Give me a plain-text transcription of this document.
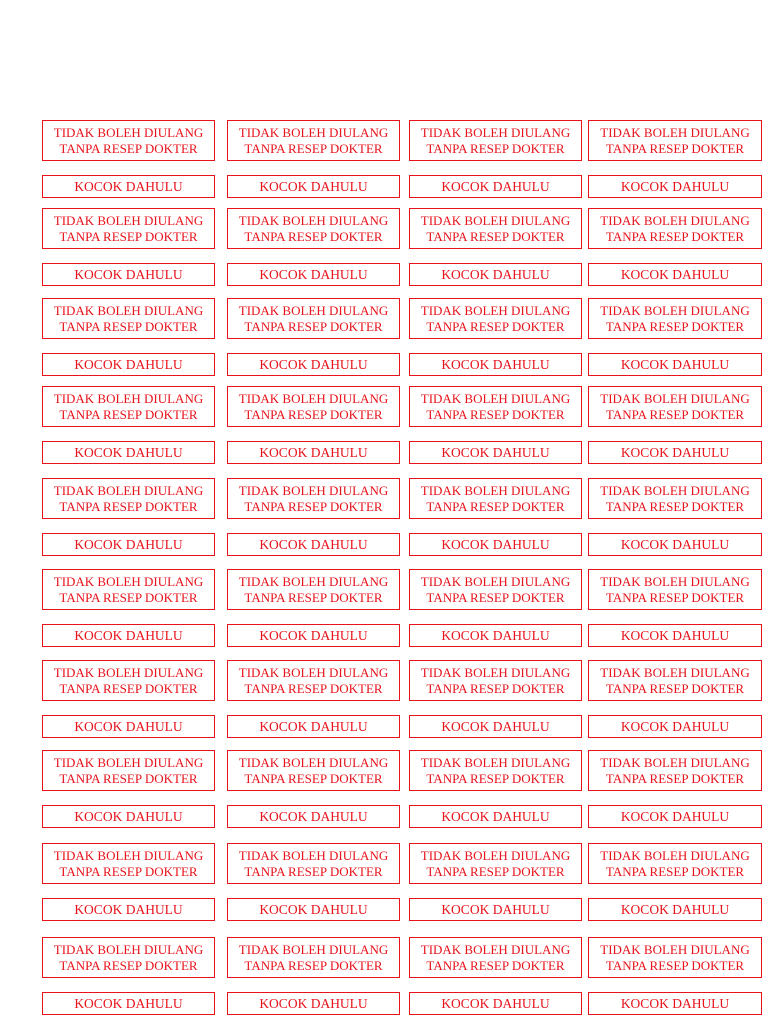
TIDAK BOLEH DIULANG
TANPA RESEP DOKTER
KOCOK DAHULU
TIDAK BOLEH DIULANG
TANPA RESEP DOKTER
KOCOK DAHULU
TIDAK BOLEH DIULANG
TANPA RESEP DOKTER
KOCOK DAHULU
TIDAK BOLEH DIULANG
TANPA RESEP DOKTER
KOCOK DAHULU
TIDAK BOLEH DIULANG
TANPA RESEP DOKTER
KOCOK DAHULU
TIDAK BOLEH DIULANG
TANPA RESEP DOKTER
KOCOK DAHULU
TIDAK BOLEH DIULANG
TANPA RESEP DOKTER
KOCOK DAHULU
TIDAK BOLEH DIULANG
TANPA RESEP DOKTER
KOCOK DAHULU
TIDAK BOLEH DIULANG
TANPA RESEP DOKTER
KOCOK DAHULU
TIDAK BOLEH DIULANG
TANPA RESEP DOKTER
KOCOK DAHULU
TIDAK BOLEH DIULANG
TANPA RESEP DOKTER
KOCOK DAHULU
TIDAK BOLEH DIULANG
TANPA RESEP DOKTER
KOCOK DAHULU
TIDAK BOLEH DIULANG
TANPA RESEP DOKTER
KOCOK DAHULU
TIDAK BOLEH DIULANG
TANPA RESEP DOKTER
KOCOK DAHULU
TIDAK BOLEH DIULANG
TANPA RESEP DOKTER
KOCOK DAHULU
TIDAK BOLEH DIULANG
TANPA RESEP DOKTER
KOCOK DAHULU
TIDAK BOLEH DIULANG
TANPA RESEP DOKTER
KOCOK DAHULU
TIDAK BOLEH DIULANG
TANPA RESEP DOKTER
KOCOK DAHULU
TIDAK BOLEH DIULANG
TANPA RESEP DOKTER
KOCOK DAHULU
TIDAK BOLEH DIULANG
TANPA RESEP DOKTER
KOCOK DAHULU
TIDAK BOLEH DIULANG
TANPA RESEP DOKTER
KOCOK DAHULU
TIDAK BOLEH DIULANG
TANPA RESEP DOKTER
KOCOK DAHULU
TIDAK BOLEH DIULANG
TANPA RESEP DOKTER
KOCOK DAHULU
TIDAK BOLEH DIULANG
TANPA RESEP DOKTER
KOCOK DAHULU
TIDAK BOLEH DIULANG
TANPA RESEP DOKTER
KOCOK DAHULU
TIDAK BOLEH DIULANG
TANPA RESEP DOKTER
KOCOK DAHULU
TIDAK BOLEH DIULANG
TANPA RESEP DOKTER
KOCOK DAHULU
TIDAK BOLEH DIULANG
TANPA RESEP DOKTER
KOCOK DAHULU
TIDAK BOLEH DIULANG
TANPA RESEP DOKTER
KOCOK DAHULU
TIDAK BOLEH DIULANG
TANPA RESEP DOKTER
KOCOK DAHULU
TIDAK BOLEH DIULANG
TANPA RESEP DOKTER
KOCOK DAHULU
TIDAK BOLEH DIULANG
TANPA RESEP DOKTER
KOCOK DAHULU
TIDAK BOLEH DIULANG
TANPA RESEP DOKTER
KOCOK DAHULU
TIDAK BOLEH DIULANG
TANPA RESEP DOKTER
KOCOK DAHULU
TIDAK BOLEH DIULANG
TANPA RESEP DOKTER
KOCOK DAHULU
TIDAK BOLEH DIULANG
TANPA RESEP DOKTER
KOCOK DAHULU
TIDAK BOLEH DIULANG
TANPA RESEP DOKTER
KOCOK DAHULU
TIDAK BOLEH DIULANG
TANPA RESEP DOKTER
KOCOK DAHULU
TIDAK BOLEH DIULANG
TANPA RESEP DOKTER
KOCOK DAHULU
TIDAK BOLEH DIULANG
TANPA RESEP DOKTER
KOCOK DAHULU
